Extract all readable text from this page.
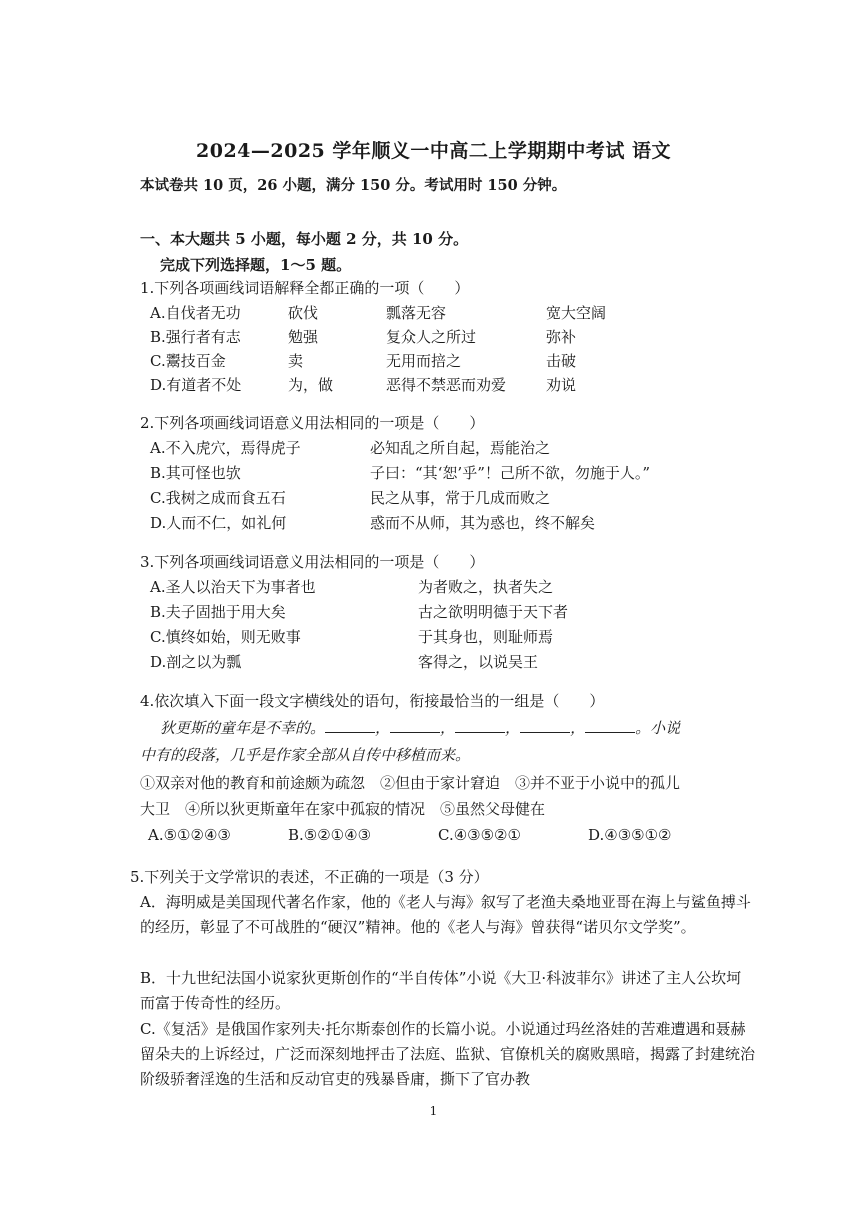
2024—2025 学年顺义一中高二上学期期中考试 语文
本试卷共 10 页，26 小题，满分 150 分。考试用时 150 分钟。
一、本大题共 5 小题，每小题 2 分，共 10 分。
完成下列选择题，1～5 题。
1.下列各项画线词语解释全都正确的一项（　　）
A.自伐者无功	砍伐	瓢落无容	宽大空阔
B.强行者有志	勉强	复众人之所过	弥补
C.鬻技百金	卖	无用而掊之	击破
D.有道者不处	为，做	恶得不禁恶而劝爱	劝说
2.下列各项画线词语意义用法相同的一项是（　　）
A.不入虎穴，焉得虎子	必知乱之所自起，焉能治之
B.其可怪也欤	子曰：“其‘恕’乎”！己所不欲，勿施于人。”
C.我树之成而食五石	民之从事，常于几成而败之
D.人而不仁，如礼何	惑而不从师，其为惑也，终不解矣
3.下列各项画线词语意义用法相同的一项是（　　）
A.圣人以治天下为事者也	为者败之，执者失之
B.夫子固拙于用大矣	古之欲明明德于天下者
C.慎终如始，则无败事	于其身也，则耻师焉
D.剖之以为瓢	客得之，以说吴王
4.依次填入下面一段文字横线处的语句，衔接最恰当的一组是（　　）
狄更斯的童年是不幸的。	，	，	，	，	。小说
中有的段落，几乎是作家全部从自传中移植而来。
①双亲对他的教育和前途颇为疏忽　②但由于家计窘迫　③并不亚于小说中的孤儿
大卫　④所以狄更斯童年在家中孤寂的情况　⑤虽然父母健在
A.⑤①②④③	B.⑤②①④③	C.④③⑤②①	D.④③⑤①②
5.下列关于文学常识的表述，不正确的一项是（3 分）
A．海明威是美国现代著名作家，他的《老人与海》叙写了老渔夫桑地亚哥在海上与鲨鱼搏斗的经历，彰显了不可战胜的“硬汉”精神。他的《老人与海》曾获得“诺贝尔文学奖”。
B．十九世纪法国小说家狄更斯创作的“半自传体”小说《大卫·科波菲尔》讲述了主人公坎坷而富于传奇性的经历。
C.《复活》是俄国作家列夫·托尔斯泰创作的长篇小说。小说通过玛丝洛娃的苦难遭遇和聂赫留朵夫的上诉经过，广泛而深刻地抨击了法庭、监狱、官僚机关的腐败黑暗，揭露了封建统治阶级骄奢淫逸的生活和反动官吏的残暴昏庸，撕下了官办教
1
